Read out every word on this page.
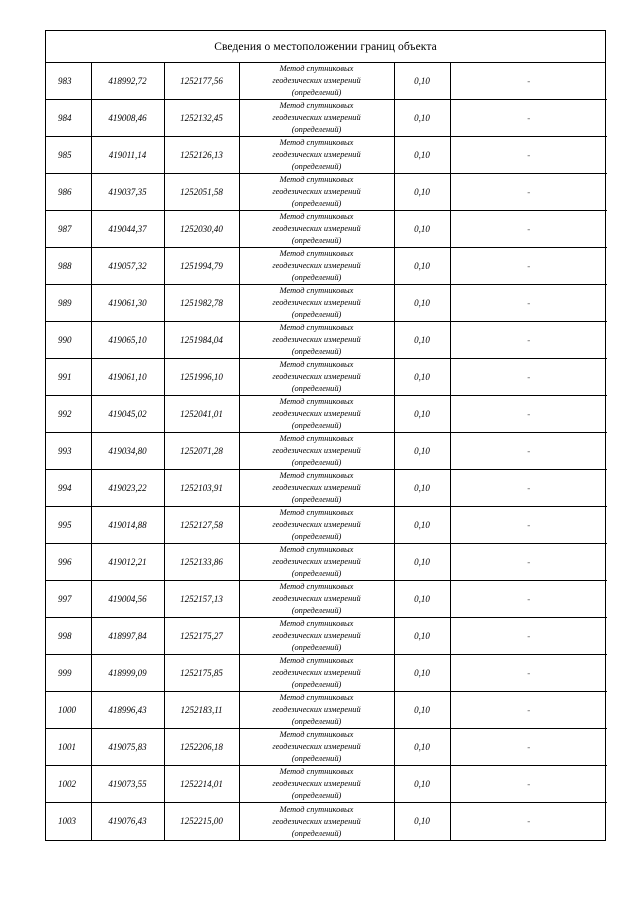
Сведения о местоположении границ объекта
983	418992,72	1252177,56	Метод спутниковых
геодезических измерений
(определений)	0,10	-
984	419008,46	1252132,45	Метод спутниковых
геодезических измерений
(определений)	0,10	-
985	419011,14	1252126,13	Метод спутниковых
геодезических измерений
(определений)	0,10	-
986	419037,35	1252051,58	Метод спутниковых
геодезических измерений
(определений)	0,10	-
987	419044,37	1252030,40	Метод спутниковых
геодезических измерений
(определений)	0,10	-
988	419057,32	1251994,79	Метод спутниковых
геодезических измерений
(определений)	0,10	-
989	419061,30	1251982,78	Метод спутниковых
геодезических измерений
(определений)	0,10	-
990	419065,10	1251984,04	Метод спутниковых
геодезических измерений
(определений)	0,10	-
991	419061,10	1251996,10	Метод спутниковых
геодезических измерений
(определений)	0,10	-
992	419045,02	1252041,01	Метод спутниковых
геодезических измерений
(определений)	0,10	-
993	419034,80	1252071,28	Метод спутниковых
геодезических измерений
(определений)	0,10	-
994	419023,22	1252103,91	Метод спутниковых
геодезических измерений
(определений)	0,10	-
995	419014,88	1252127,58	Метод спутниковых
геодезических измерений
(определений)	0,10	-
996	419012,21	1252133,86	Метод спутниковых
геодезических измерений
(определений)	0,10	-
997	419004,56	1252157,13	Метод спутниковых
геодезических измерений
(определений)	0,10	-
998	418997,84	1252175,27	Метод спутниковых
геодезических измерений
(определений)	0,10	-
999	418999,09	1252175,85	Метод спутниковых
геодезических измерений
(определений)	0,10	-
1000	418996,43	1252183,11	Метод спутниковых
геодезических измерений
(определений)	0,10	-
1001	419075,83	1252206,18	Метод спутниковых
геодезических измерений
(определений)	0,10	-
1002	419073,55	1252214,01	Метод спутниковых
геодезических измерений
(определений)	0,10	-
1003	419076,43	1252215,00	Метод спутниковых
геодезических измерений
(определений)	0,10	-
